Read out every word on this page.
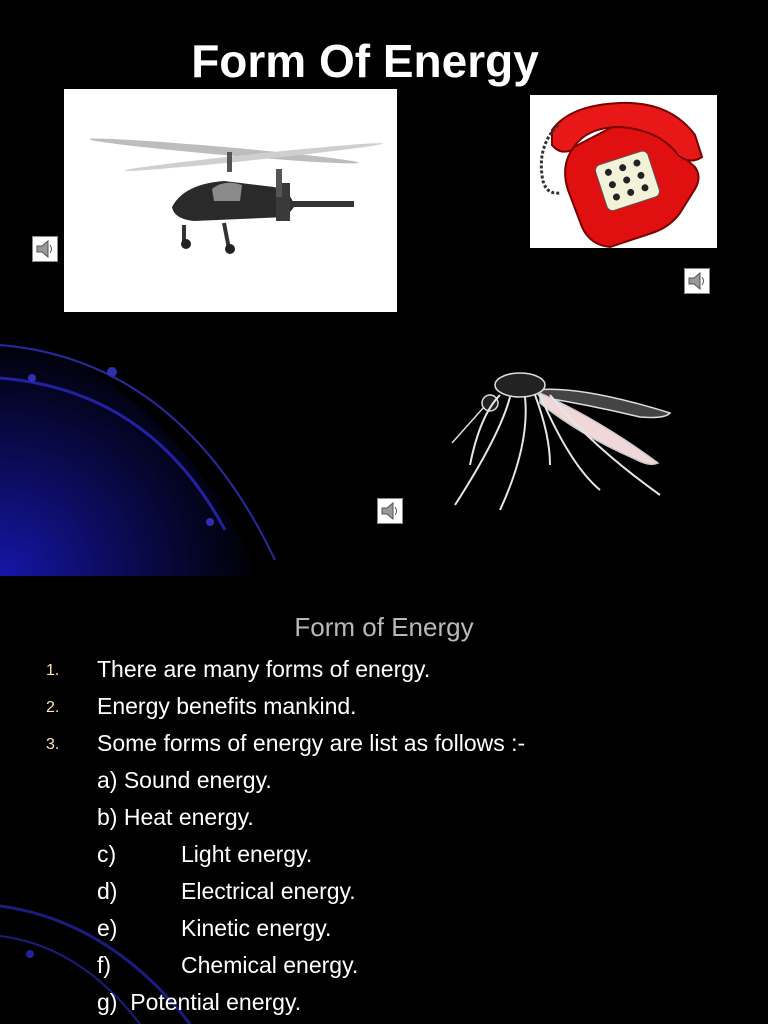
Form Of Energy
Form of Energy
1. There are many forms of energy.
2. Energy benefits mankind.
3. Some forms of energy are list as follows :-
a) Sound energy.
b) Heat energy.
c)	Light energy.
d)	Electrical energy.
e)	Kinetic energy.
f)	Chemical energy.
g)  Potential energy.
